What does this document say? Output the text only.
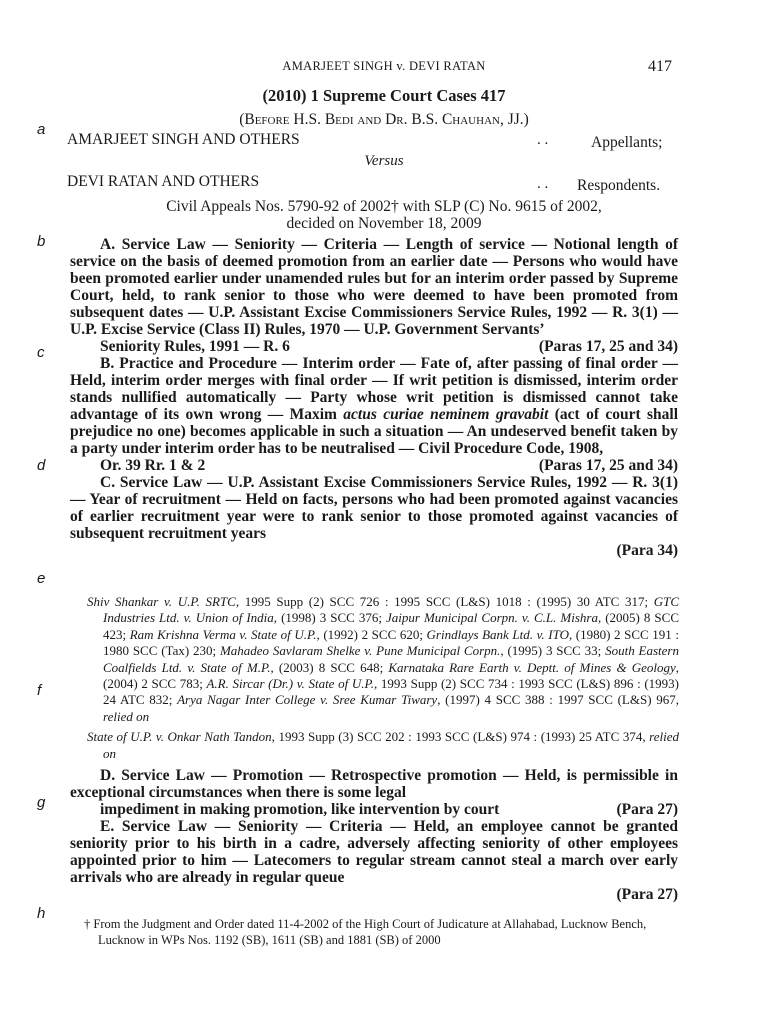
a
b
c
d
e
f
g
h
AMARJEET SINGH v. DEVI RATAN	417
(2010) 1 Supreme Court Cases 417
(Before H.S. Bedi and Dr. B.S. Chauhan, JJ.)
AMARJEET SINGH AND OTHERS	. .	Appellants;
Versus
DEVI RATAN AND OTHERS	. . Respondents.
Civil Appeals Nos. 5790-92 of 2002† with SLP (C) No. 9615 of 2002,
decided on November 18, 2009

A. Service Law — Seniority — Criteria — Length of service — Notional length of service on the basis of deemed promotion from an earlier date — Persons who would have been promoted earlier under unamended rules but for an interim order passed by Supreme Court, held, to rank senior to those who were deemed to have been promoted from subsequent dates — U.P. Assistant Excise Commissioners Service Rules, 1992 — R. 3(1) — U.P. Excise Service (Class II) Rules, 1970 — U.P. Government Servants’
Seniority Rules, 1991 — R. 6	(Paras 17, 25 and 34)

B. Practice and Procedure — Interim order — Fate of, after passing of final order — Held, interim order merges with final order — If writ petition is dismissed, interim order stands nullified automatically — Party whose writ petition is dismissed cannot take advantage of its own wrong — Maxim actus curiae neminem gravabit (act of court shall prejudice no one) becomes applicable in such a situation — An undeserved benefit taken by a party under interim order has to be neutralised — Civil Procedure Code, 1908,
Or. 39 Rr. 1 & 2	(Paras 17, 25 and 34)

C. Service Law — U.P. Assistant Excise Commissioners Service Rules, 1992 — R. 3(1) — Year of recruitment — Held on facts, persons who had been promoted against vacancies of earlier recruitment year were to rank senior to those promoted against vacancies of subsequent recruitment years
(Para 34)

Shiv Shankar v. U.P. SRTC, 1995 Supp (2) SCC 726 : 1995 SCC (L&S) 1018 : (1995) 30 ATC 317; GTC Industries Ltd. v. Union of India, (1998) 3 SCC 376; Jaipur Municipal Corpn. v. C.L. Mishra, (2005) 8 SCC 423; Ram Krishna Verma v. State of U.P., (1992) 2 SCC 620; Grindlays Bank Ltd. v. ITO, (1980) 2 SCC 191 : 1980 SCC (Tax) 230; Mahadeo Savlaram Shelke v. Pune Municipal Corpn., (1995) 3 SCC 33; South Eastern Coalfields Ltd. v. State of M.P., (2003) 8 SCC 648; Karnataka Rare Earth v. Deptt. of Mines & Geology, (2004) 2 SCC 783; A.R. Sircar (Dr.) v. State of U.P., 1993 Supp (2) SCC 734 : 1993 SCC (L&S) 896 : (1993) 24 ATC 832; Arya Nagar Inter College v. Sree Kumar Tiwary, (1997) 4 SCC 388 : 1997 SCC (L&S) 967, relied on

State of U.P. v. Onkar Nath Tandon, 1993 Supp (3) SCC 202 : 1993 SCC (L&S) 974 : (1993) 25 ATC 374, relied on

D. Service Law — Promotion — Retrospective promotion — Held, is permissible in exceptional circumstances when there is some legal
impediment in making promotion, like intervention by court	(Para 27)

E. Service Law — Seniority — Criteria — Held, an employee cannot be granted seniority prior to his birth in a cadre, adversely affecting seniority of other employees appointed prior to him — Latecomers to regular stream cannot steal a march over early arrivals who are already in regular queue
(Para 27)

† From the Judgment and Order dated 11-4-2002 of the High Court of Judicature at Allahabad, Lucknow Bench, Lucknow in WPs Nos. 1192 (SB), 1611 (SB) and 1881 (SB) of 2000
